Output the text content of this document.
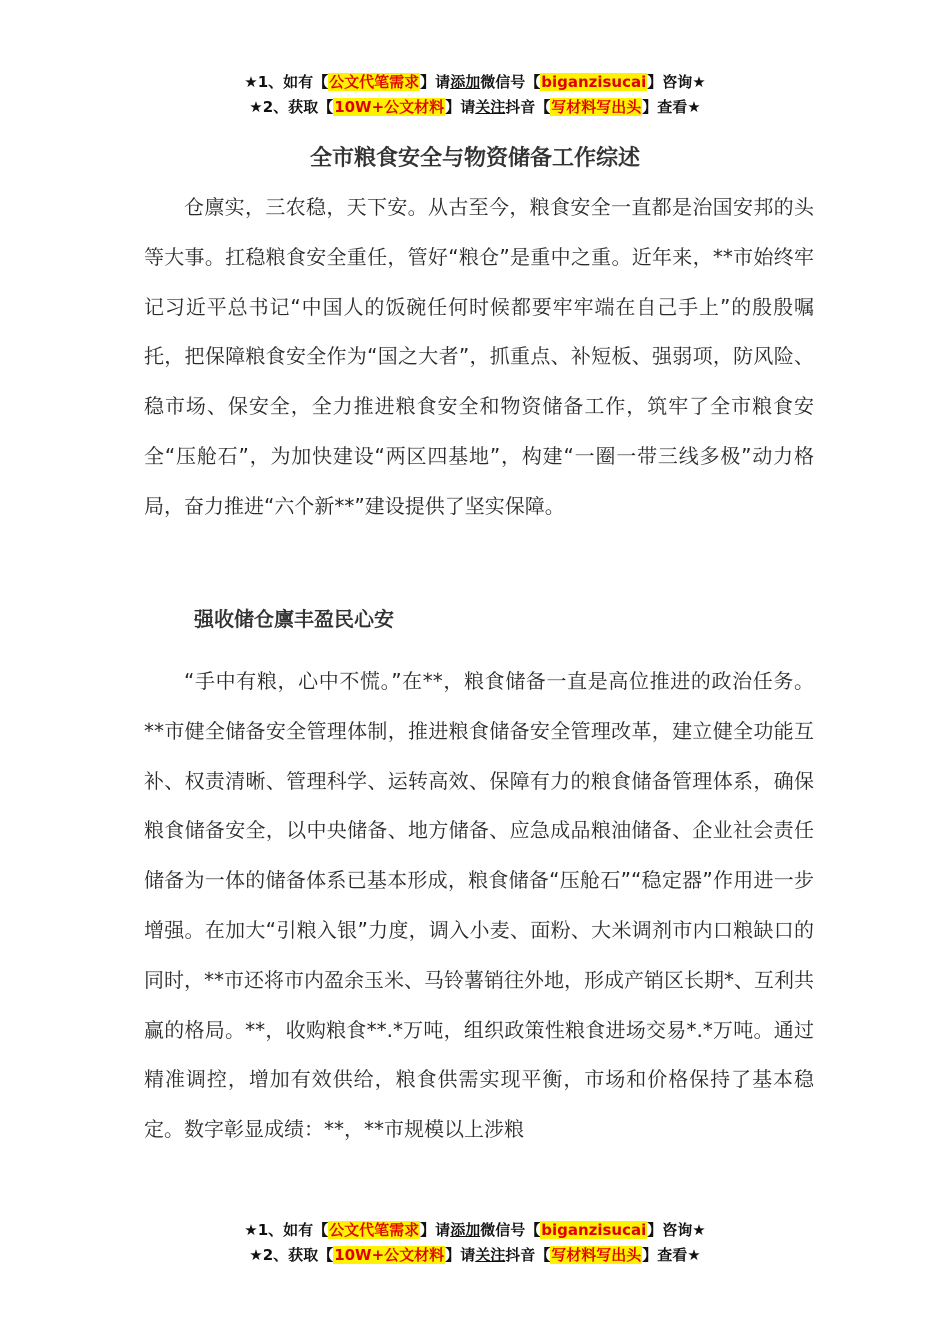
★1、如有【公文代笔需求】请添加微信号【biganzisucai】咨询★
★2、获取【10W+公文材料】请关注抖音【写材料写出头】查看★
全市粮食安全与物资储备工作综述

仓廪实，三农稳，天下安。从古至今，粮食安全一直都是治国安邦的头等大事。扛稳粮食安全重任，管好“粮仓”是重中之重。近年来，**市始终牢记习近平总书记“中国人的饭碗任何时候都要牢牢端在自己手上”的殷殷嘱托，把保障粮食安全作为“国之大者”，抓重点、补短板、强弱项，防风险、稳市场、保安全，全力推进粮食安全和物资储备工作，筑牢了全市粮食安全“压舱石”，为加快建设“两区四基地”，构建“一圈一带三线多极”动力格局，奋力推进“六个新**”建设提供了坚实保障。

强收储仓廪丰盈民心安

“手中有粮，心中不慌。”在**，粮食储备一直是高位推进的政治任务。**市健全储备安全管理体制，推进粮食储备安全管理改革，建立健全功能互补、权责清晰、管理科学、运转高效、保障有力的粮食储备管理体系，确保粮食储备安全，以中央储备、地方储备、应急成品粮油储备、企业社会责任储备为一体的储备体系已基本形成，粮食储备“压舱石”“稳定器”作用进一步增强。在加大“引粮入银”力度，调入小麦、面粉、大米调剂市内口粮缺口的同时，**市还将市内盈余玉米、马铃薯销往外地，形成产销区长期*、互利共赢的格局。**，收购粮食**.*万吨，组织政策性粮食进场交易*.*万吨。通过精准调控，增加有效供给，粮食供需实现平衡，市场和价格保持了基本稳定。数字彰显成绩：**，**市规模以上涉粮

★1、如有【公文代笔需求】请添加微信号【biganzisucai】咨询★
★2、获取【10W+公文材料】请关注抖音【写材料写出头】查看★
